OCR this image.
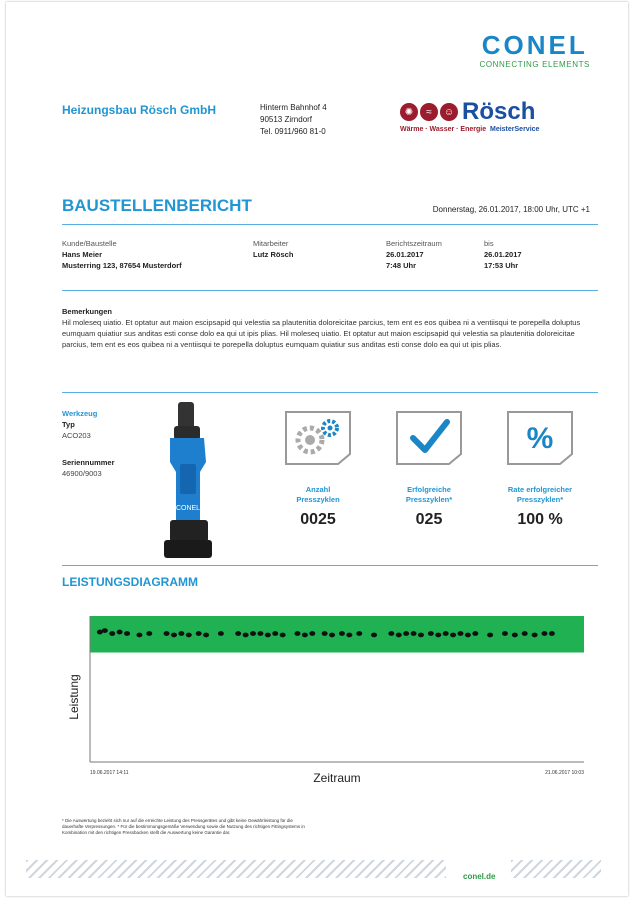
CONEL
CONNECTING ELEMENTS
Heizungsbau Rösch GmbH	Hinterm Bahnhof 4
90513 Zirndorf
Tel. 0911/960 81-0
✺	≈	☺ Rösch
Wärme · Wasser · Energie MeisterService
BAUSTELLENBERICHT	Donnerstag, 26.01.2017, 18:00 Uhr, UTC +1
Kunde/Baustelle
Hans Meier
Musterring 123, 87654 Musterdorf
Mitarbeiter
Lutz Rösch
Berichtszeitraum
26.01.2017
7:48 Uhr
bis
26.01.2017
17:53 Uhr
Bemerkungen
Hil moleseq uiatio. Et optatur aut maion escipsapid qui velestia sa plautenitia doloreicitae parcius, tem ent es eos quibea ni a ventiisqui te porepella doluptus eumquam quiatiur sus anditas esti conse dolo ea qui ut ipis plias. Hil moleseq uiatio. Et optatur aut maion escipsapid qui velestia sa plautenitia doloreicitae parcius, tem ent es eos quibea ni a ventiisqui te porepella doluptus eumquam quiatiur sus anditas esti conse dolo ea qui ut ipis plias.
Werkzeug
Typ
ACO203
Seriennummer
46900/9003
CONEL
Anzahl
Presszyklen
0025
Erfolgreiche
Presszyklen*
025
%
Rate erfolgreicher
Presszyklen*
100 %
LEISTUNGSDIAGRAMM
Leistung
Zeitraum
19.06.2017 14:11	21.06.2017 10:03
* Die Auswertung bezieht sich nur auf die erreichte Leistung des Pressgerätes und gibt keine Gewährleistung für die dauerhafte Verpressungen. * Für die bestimmungsgemäße Verwendung sowie die Nutzung des richtigen Fittingsystems in Kombination mit den richtigen Pressbacken stellt die Auswertung keine Garantie dar.
conel.de
